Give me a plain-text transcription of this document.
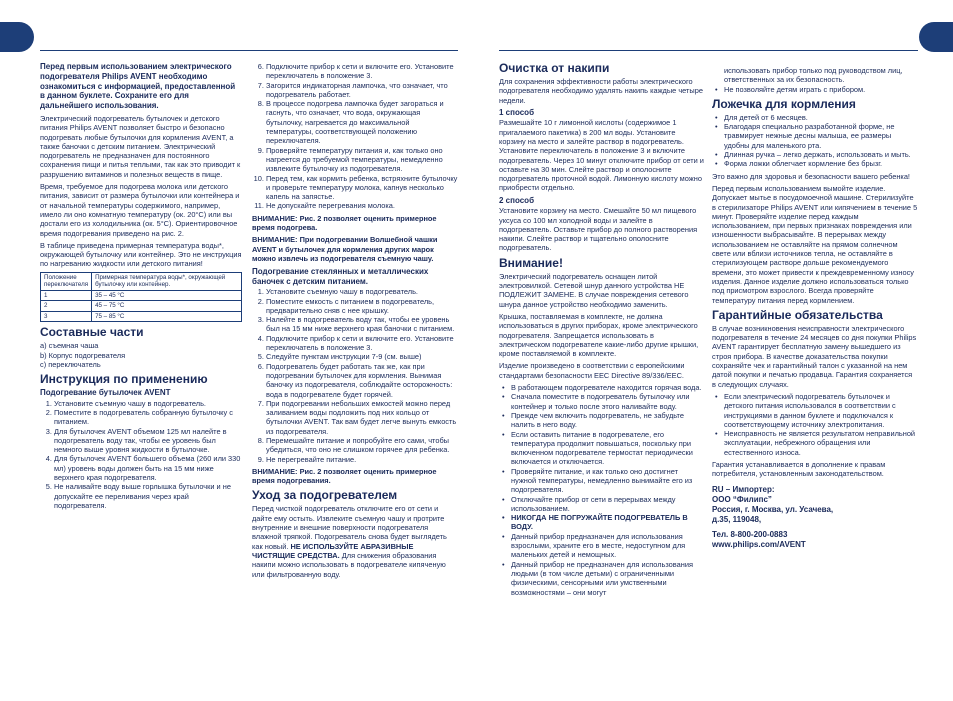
Перед первым использованием электрического подогревателя Philips AVENT необходимо ознакомиться с информацией, предоставленной в данном буклете. Сохраните его для дальнейшего использования.

Электрический подогреватель бутылочек и детского питания Philips AVENT позволяет быстро и безопасно подогревать любые бутылочки для кормления AVENT, а также баночки с детским питанием. Электрический подогреватель не предназначен для постоянного сохранения пищи и питья теплыми, так как это приводит к разрушению витаминов и полезных веществ в пище.

Время, требуемое для подогрева молока или детского питания, зависит от размера бутылочки или контейнера и от начальной температуры содержимого, например, имело ли оно комнатную температуру (ок. 20°C) или вы достали его из холодильника (ок. 5°C). Ориентировочное время подогревания приведено на рис. 2.

В таблице приведена примерная температура воды*, окружающей бутылочку или контейнер. Это не инструкция по нагреванию жидкости или детского питания!

Положение переключателя	Примерная температура воды*, окружающей бутылочку или контейнер.
1	35 – 45 °C
2	45 – 75 °C
3	75 – 85 °C
Составные части

а) съемная чаша

b) Корпус подогревателя

c) переключатель

Инструкция по применению
Подогревание бутылочек AVENT
1. Установите съемную чашу в подогреватель.
2. Поместите в подогреватель собранную бутылочку с питанием.
3. Для бутылочек AVENT объемом 125 мл налейте в подогреватель воду так, чтобы ее уровень был немного выше уровня жидкости в бутылочке.
4. Для бутылочек AVENT большего объема (260 или 330 мл) уровень воды должен быть на 15 мм ниже верхнего края подогревателя.
5. Не наливайте воду выше горлышка бутылочки и не допускайте ее переливания через край подогревателя.
6. Подключите прибор к сети и включите его. Установите переключатель в положение 3.
7. Загорится индикаторная лампочка, что означает, что подогреватель работает.
8. В процессе подогрева лампочка будет загораться и гаснуть, что означает, что вода, окружающая бутылочку, нагревается до максимальной температуры, соответствующей положению переключателя.
9. Проверяйте температуру питания и, как только оно нагреется до требуемой температуры, немедленно извлеките бутылочку из подогревателя.
10. Перед тем, как кормить ребенка, встряхните бутылочку и проверьте температуру молока, капнув несколько капель на запястье.
11. Не допускайте перегревания молока.

ВНИМАНИЕ: Рис. 2 позволяет оценить примерное время подогрева.

ВНИМАНИЕ: При подогревании Волшебной чашки AVENT и бутылочек для кормления других марок можно извлечь из подогревателя съемную чашу.

Подогревание стеклянных и металлических баночек с детским питанием.
1. Установите съемную чашу в подогреватель.
2. Поместите емкость с питанием в подогреватель, предварительно сняв с нее крышку.
3. Налейте в подогреватель воду так, чтобы ее уровень был на 15 мм ниже верхнего края баночки с питанием.
4. Подключите прибор к сети и включите его. Установите переключатель в положение 3.
5. Следуйте пунктам инструкции 7-9 (см. выше)
6. Подогреватель будет работать так же, как при подогревании бутылочек для кормления. Вынимая баночку из подогревателя, соблюдайте осторожность: вода в подогревателе будет горячей.
7. При подогревании небольших емкостей можно перед заливанием воды подложить под них кольцо от бутылочки AVENT. Так вам будет легче вынуть емкость из подогревателя.
8. Перемешайте питание и попробуйте его сами, чтобы убедиться, что оно не слишком горячее для ребенка.
9. Не перегревайте питание.

ВНИМАНИЕ: Рис. 2 позволяет оценить примерное время подогревания.

Уход за подогревателем

Перед чисткой подогреватель отключите его от сети и дайте ему остыть. Извлеките съемную чашу и протрите внутренние и внешние поверхности подогревателя влажной тряпкой. Подогреватель снова будет выглядеть как новый. НЕ ИСПОЛЬЗУЙТЕ АБРАЗИВНЫЕ ЧИСТЯЩИЕ СРЕДСТВА. Для снижения образования накипи можно использовать в подогревателе кипяченую или фильтрованную воду.

Очистка от накипи

Для сохранения эффективности работы электрического подогревателя необходимо удалять накипь каждые четыре недели.

1 способ

Размешайте 10 г лимонной кислоты (содержимое 1 пригалаемого пакетика) в 200 мл воды. Установите корзину на место и залейте раствор в подогреватель. Установите переключатель в положение 3 и включите подогреватель. Через 10 минут отключите прибор от сети и оставьте на 30 мин. Слейте раствор и ополосните подогреватель проточной водой. Лимонную кислоту можно приобрести отдельно.

2 способ

Установите корзину на место. Смешайте 50 мл пищевого уксуса со 100 мл холодной воды и залейте в подогреватель. Оставьте прибор до полного растворения накипи. Слейте раствор и тщательно ополосните подогреватель.

Внимание!

Электрический подогреватель оснащен литой электровилкой. Сетевой шнур данного устройства НЕ ПОДЛЕЖИТ ЗАМЕНЕ. В случае повреждения сетевого шнура данное устройство необходимо заменить.

Крышка, поставляемая в комплекте, не должна использоваться в других приборах, кроме электрического подогревателя. Запрещается использовать в электрическом подогревателе какие-либо другие крышки, кроме поставляемой в комплекте.

Изделие произведено в соответствии с европейскими стандартами безопасности EEC Directive 89/336/EEC.

• В работающем подогревателе находится горячая вода.
• Сначала поместите в подогреватель бутылочку или контейнер и только после этого наливайте воду.
• Прежде чем включить подогреватель, не забудьте налить в него воду.
• Если оставить питание в подогревателе, его температура продолжит повышаться, поскольку при включенном подогревателе термостат периодически включается и отключается.
• Проверяйте питание, и как только оно достигнет нужной температуры, немедленно вынимайте его из подогревателя.
• Отключайте прибор от сети в перерывах между использованием.
• НИКОГДА НЕ ПОГРУЖАЙТЕ ПОДОГРЕВАТЕЛЬ В ВОДУ.
• Данный прибор предназначен для использования взрослыми, храните его в месте, недоступном для маленьких детей и немощных.
• Данный прибор не предназначен для использования людьми (в том числе детьми) с ограниченными физическими, сенсорными или умственными возможностями – они могут

использовать прибор только под руководством лиц, ответственных за их безопасность.

• Не позволяйте детям играть с прибором.
Ложечка для кормления
• Для детей от 6 месяцев.
• Благодаря специально разработанной форме, не травмирует нежные десны малыша, ее размеры удобны для маленького рта.
• Длинная ручка – легко держать, использовать и мыть.
• Форма ложки облегчает кормление без брызг.

Это важно для здоровья и безопасности вашего ребенка!

Перед первым использованием вымойте изделие. Допускает мытье в посудомоечной машине. Стерилизуйте в стерилизаторе Philips AVENT или кипячением в течение 5 минут. Проверяйте изделие перед каждым использованием, при первых признаках повреждения или изношенности выбрасывайте. В перерывах между использованием не оставляйте на прямом солнечном свете или вблизи источников тепла, не оставляйте в стерилизующем растворе дольше рекомендуемого времени, это может привести к преждевременному износу изделия. Данное изделие должно использоваться только под присмотром взрослого. Всегда проверяйте температуру питания перед кормлением.

Гарантийные обязательства

В случае возникновения неисправности электрического подогревателя в течение 24 месяцев со дня покупки Philips AVENT гарантирует бесплатную замену вышедшего из строя прибора. В качестве доказательства покупки сохраняйте чек и гарантийный талон с указанной на нем датой покупки и печатью продавца. Гарантия сохраняется в следующих случаях.

• Если электрический подогреватель бутылочек и детского питания использовался в соответствии с инструкциями в данном буклете и подключался к соответствующему источнику электропитания.
• Неисправность не является результатом неправильной эксплуатации, небрежного обращения или естественного износа.

Гарантия устанавливается в дополнение к правам потребителя, установленным законодательством.

RU – Импортер:
ООО “Филипс”
Россия, г. Москва, ул. Усачева,
д.35, 119048,
Тел. 8-800-200-0883
www.philips.com/AVENT
